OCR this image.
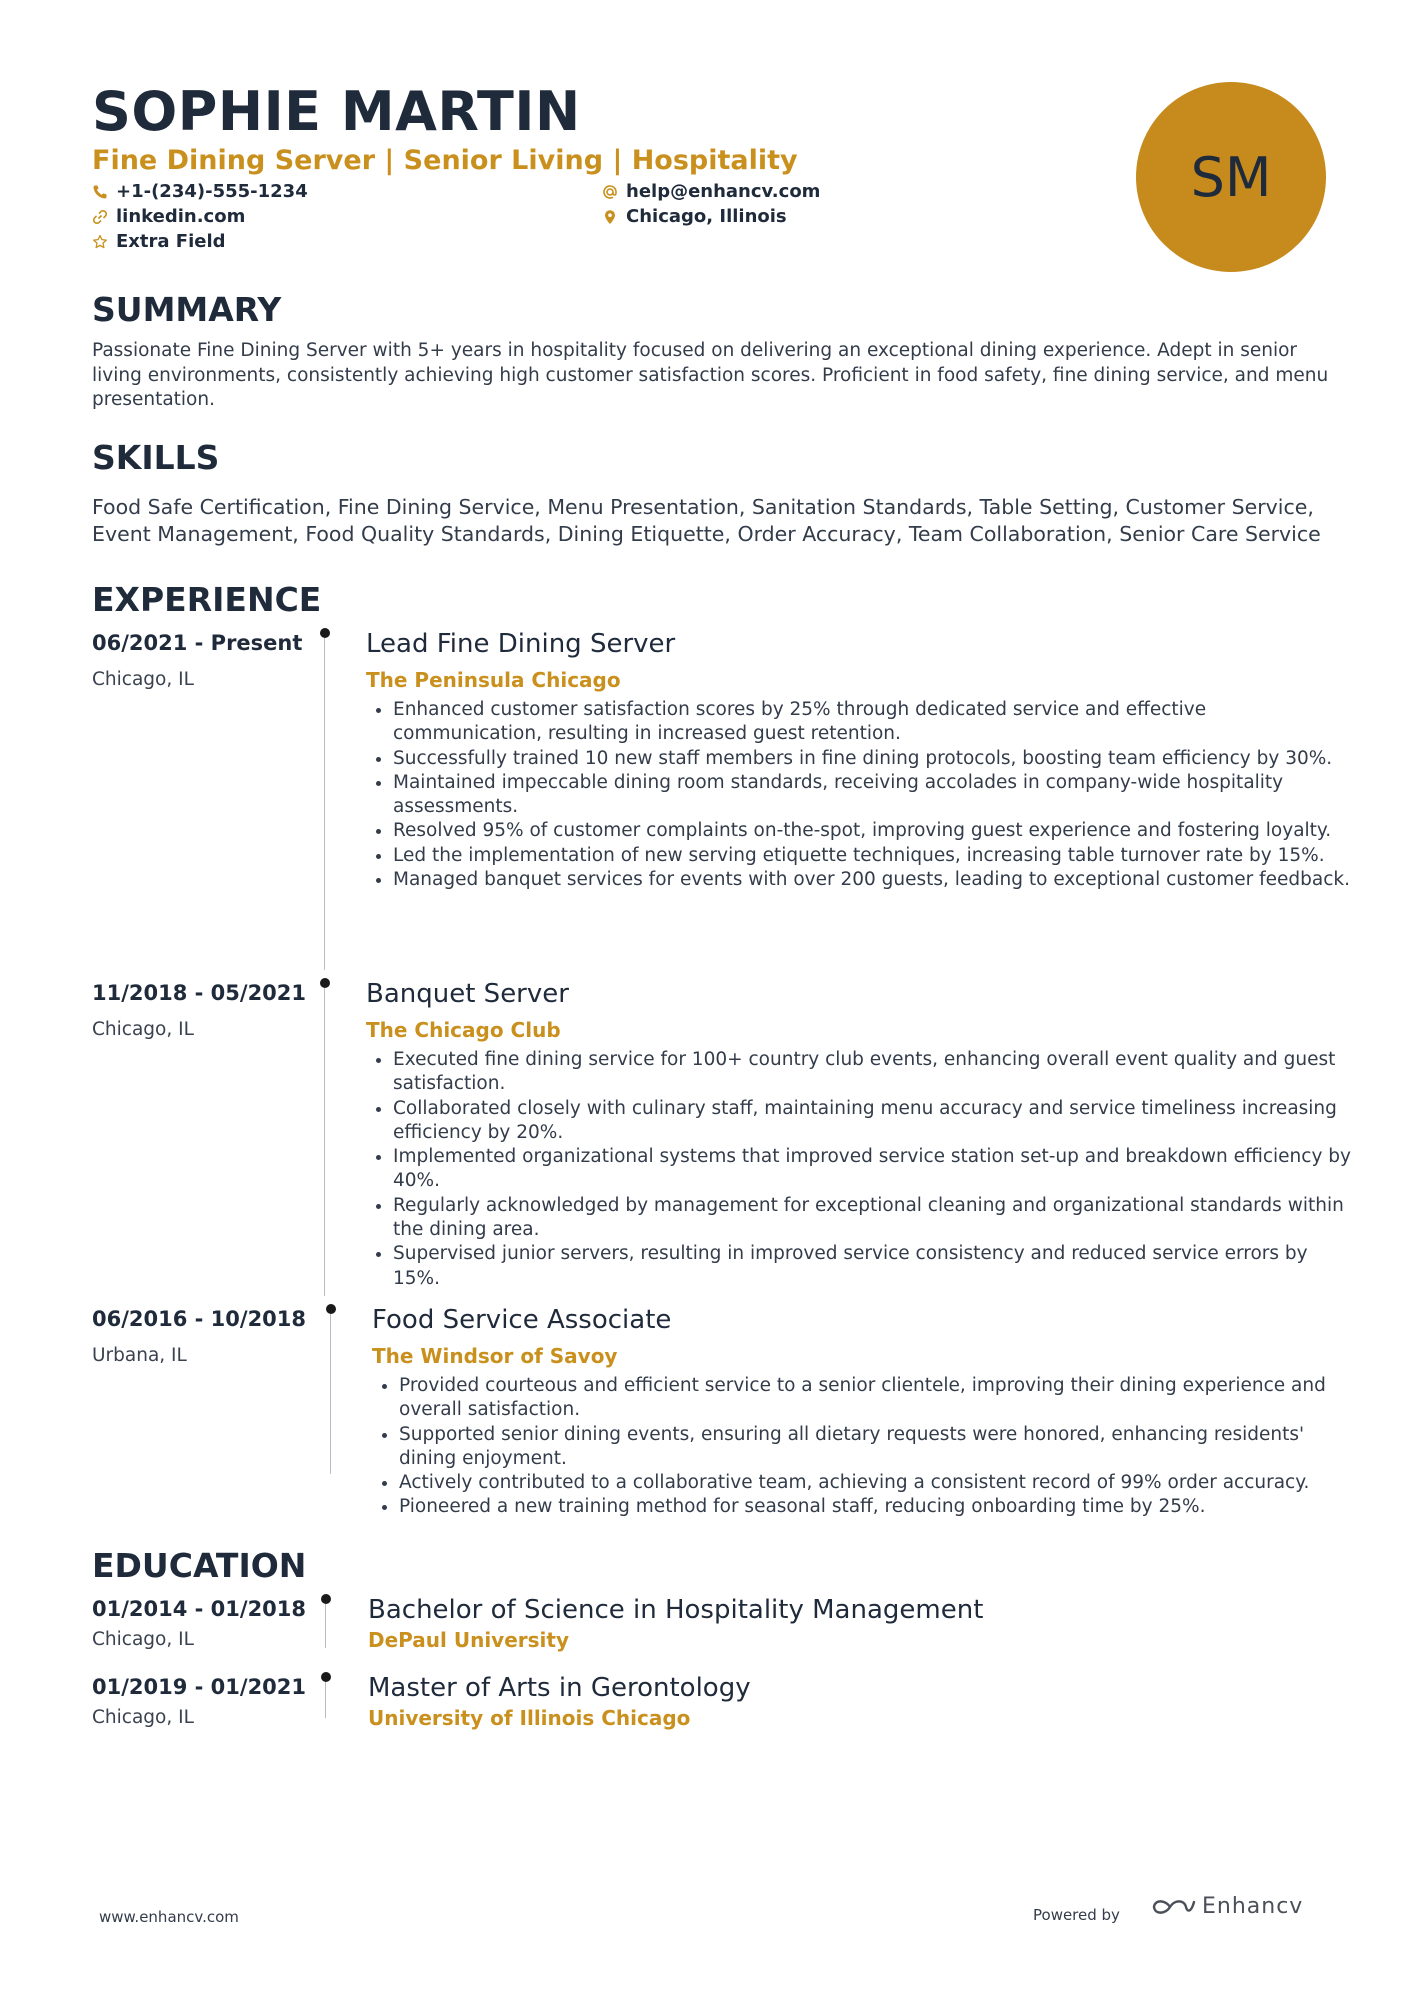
SOPHIE MARTIN
Fine Dining Server | Senior Living | Hospitality
+1-(234)-555-1234	help@enhancv.com
linkedin.com	Chicago, Illinois
Extra Field
SM
SUMMARY
Passionate Fine Dining Server with 5+ years in hospitality focused on delivering an exceptional dining experience. Adept in senior living environments, consistently achieving high customer satisfaction scores. Proficient in food safety, fine dining service, and menu presentation.
SKILLS
Food Safe Certification, Fine Dining Service, Menu Presentation, Sanitation Standards, Table Setting, Customer Service, Event Management, Food Quality Standards, Dining Etiquette, Order Accuracy, Team Collaboration, Senior Care Service
EXPERIENCE
06/2021 - Present
Chicago, IL
Lead Fine Dining Server
The Peninsula Chicago
• Enhanced customer satisfaction scores by 25% through dedicated service and effective communication, resulting in increased guest retention.
• Successfully trained 10 new staff members in fine dining protocols, boosting team efficiency by 30%.
• Maintained impeccable dining room standards, receiving accolades in company-wide hospitality assessments.
• Resolved 95% of customer complaints on-the-spot, improving guest experience and fostering loyalty.
• Led the implementation of new serving etiquette techniques, increasing table turnover rate by 15%.
• Managed banquet services for events with over 200 guests, leading to exceptional customer feedback.
11/2018 - 05/2021
Chicago, IL
Banquet Server
The Chicago Club
• Executed fine dining service for 100+ country club events, enhancing overall event quality and guest satisfaction.
• Collaborated closely with culinary staff, maintaining menu accuracy and service timeliness increasing efficiency by 20%.
• Implemented organizational systems that improved service station set-up and breakdown efficiency by 40%.
• Regularly acknowledged by management for exceptional cleaning and organizational standards within the dining area.
• Supervised junior servers, resulting in improved service consistency and reduced service errors by 15%.
06/2016 - 10/2018
Urbana, IL
Food Service Associate
The Windsor of Savoy
• Provided courteous and efficient service to a senior clientele, improving their dining experience and overall satisfaction.
• Supported senior dining events, ensuring all dietary requests were honored, enhancing residents' dining enjoyment.
• Actively contributed to a collaborative team, achieving a consistent record of 99% order accuracy.
• Pioneered a new training method for seasonal staff, reducing onboarding time by 25%.
EDUCATION
01/2014 - 01/2018
Chicago, IL
Bachelor of Science in Hospitality Management
DePaul University
01/2019 - 01/2021
Chicago, IL
Master of Arts in Gerontology
University of Illinois Chicago
www.enhancv.com	Powered by	Enhancv
